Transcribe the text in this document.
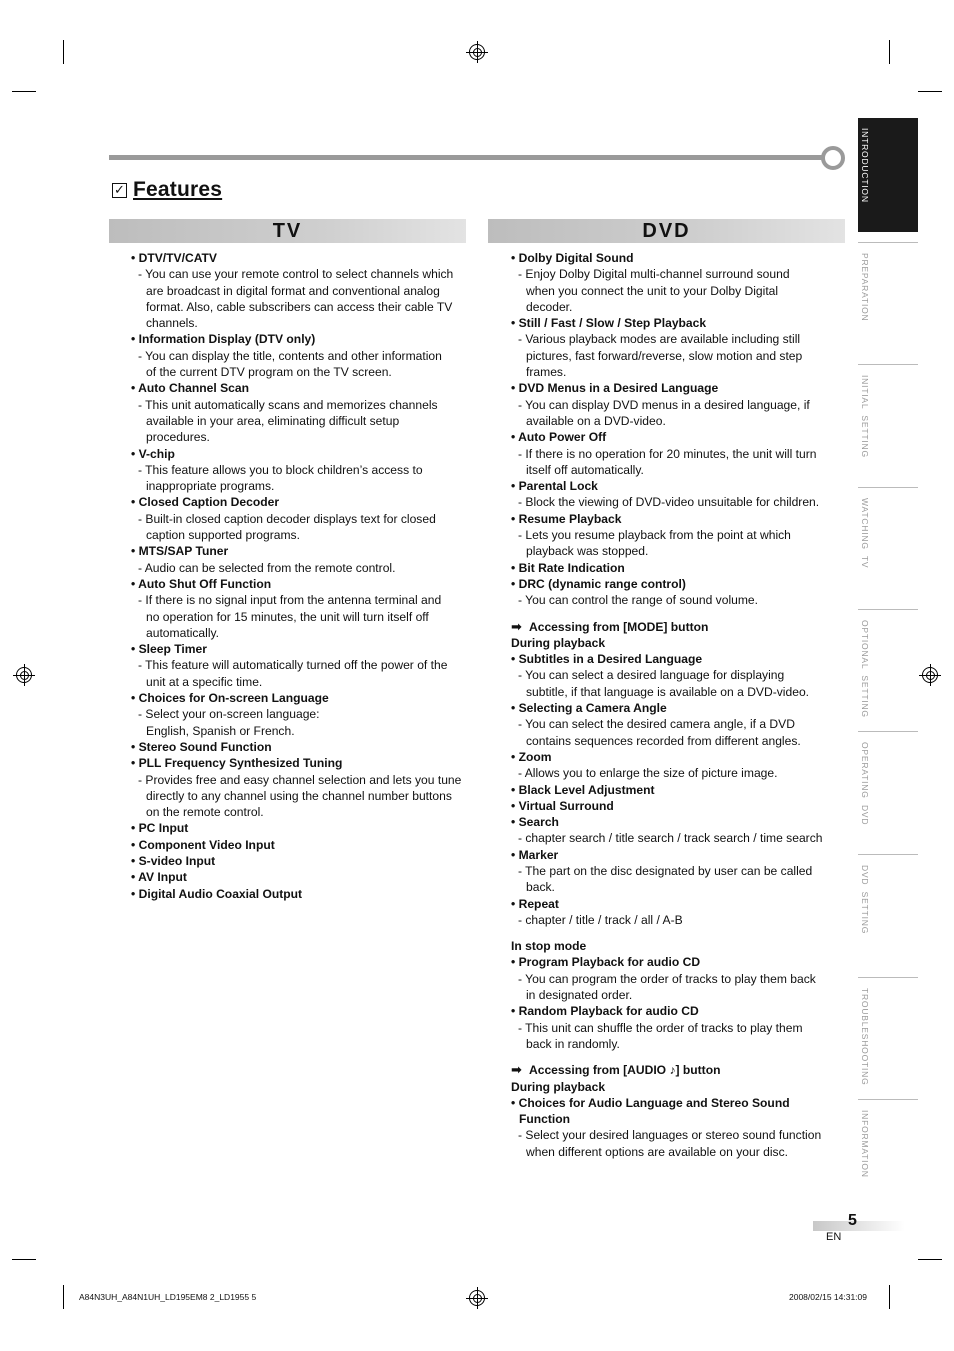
✓ Features
TV	DVD
• DTV/TV/CATV
- You can use your remote control to select channels which
are broadcast in digital format and conventional analog
format. Also, cable subscribers can access their cable TV
channels.
• Information Display (DTV only)
- You can display the title, contents and other information
of the current DTV program on the TV screen.
• Auto Channel Scan
- This unit automatically scans and memorizes channels
available in your area, eliminating difficult setup
procedures.
• V-chip
- This feature allows you to block children’s access to
inappropriate programs.
• Closed Caption Decoder
- Built-in closed caption decoder displays text for closed
caption supported programs.
• MTS/SAP Tuner
- Audio can be selected from the remote control.
• Auto Shut Off Function
- If there is no signal input from the antenna terminal and
no operation for 15 minutes, the unit will turn itself off
automatically.
• Sleep Timer
- This feature will automatically turned off the power of the
unit at a specific time.
• Choices for On-screen Language
- Select your on-screen language:
English, Spanish or French.
• Stereo Sound Function
• PLL Frequency Synthesized Tuning
- Provides free and easy channel selection and lets you tune
directly to any channel using the channel number buttons
on the remote control.
• PC Input
• Component Video Input
• S-video Input
• AV Input
• Digital Audio Coaxial Output
• Dolby Digital Sound
- Enjoy Dolby Digital multi-channel surround sound
when you connect the unit to your Dolby Digital
decoder.
• Still / Fast / Slow / Step Playback
- Various playback modes are available including still
pictures, fast forward/reverse, slow motion and step
frames.
• DVD Menus in a Desired Language
- You can display DVD menus in a desired language, if
available on a DVD-video.
• Auto Power Off
- If there is no operation for 20 minutes, the unit will turn
itself off automatically.
• Parental Lock
- Block the viewing of DVD-video unsuitable for children.
• Resume Playback
- Lets you resume playback from the point at which
playback was stopped.
• Bit Rate Indication
• DRC (dynamic range control)
- You can control the range of sound volume.
➡ Accessing from [MODE] button
During playback
• Subtitles in a Desired Language
- You can select a desired language for displaying
subtitle, if that language is available on a DVD-video.
• Selecting a Camera Angle
- You can select the desired camera angle, if a DVD
contains sequences recorded from different angles.
• Zoom
- Allows you to enlarge the size of picture image.
• Black Level Adjustment
• Virtual Surround
• Search
- chapter search / title search / track search / time search
• Marker
- The part on the disc designated by user can be called
back.
• Repeat
- chapter / title / track / all / A-B
In stop mode
• Program Playback for audio CD
- You can program the order of tracks to play them back
in designated order.
• Random Playback for audio CD
- This unit can shuffle the order of tracks to play them
back in randomly.
➡ Accessing from [AUDIO ♪] button
During playback
• Choices for Audio Language and Stereo Sound
Function
- Select your desired languages or stereo sound function
when different options are available on your disc.
INTRODUCTION
PREPARATION
INITIAL  SETTING
WATCHING  TV
OPTIONAL  SETTING
OPERATING  DVD
DVD  SETTING
TROUBLESHOOTING
INFORMATION
5
EN
A84N3UH_A84N1UH_LD195EM8 2_LD1955 5	2008/02/15 14:31:09
